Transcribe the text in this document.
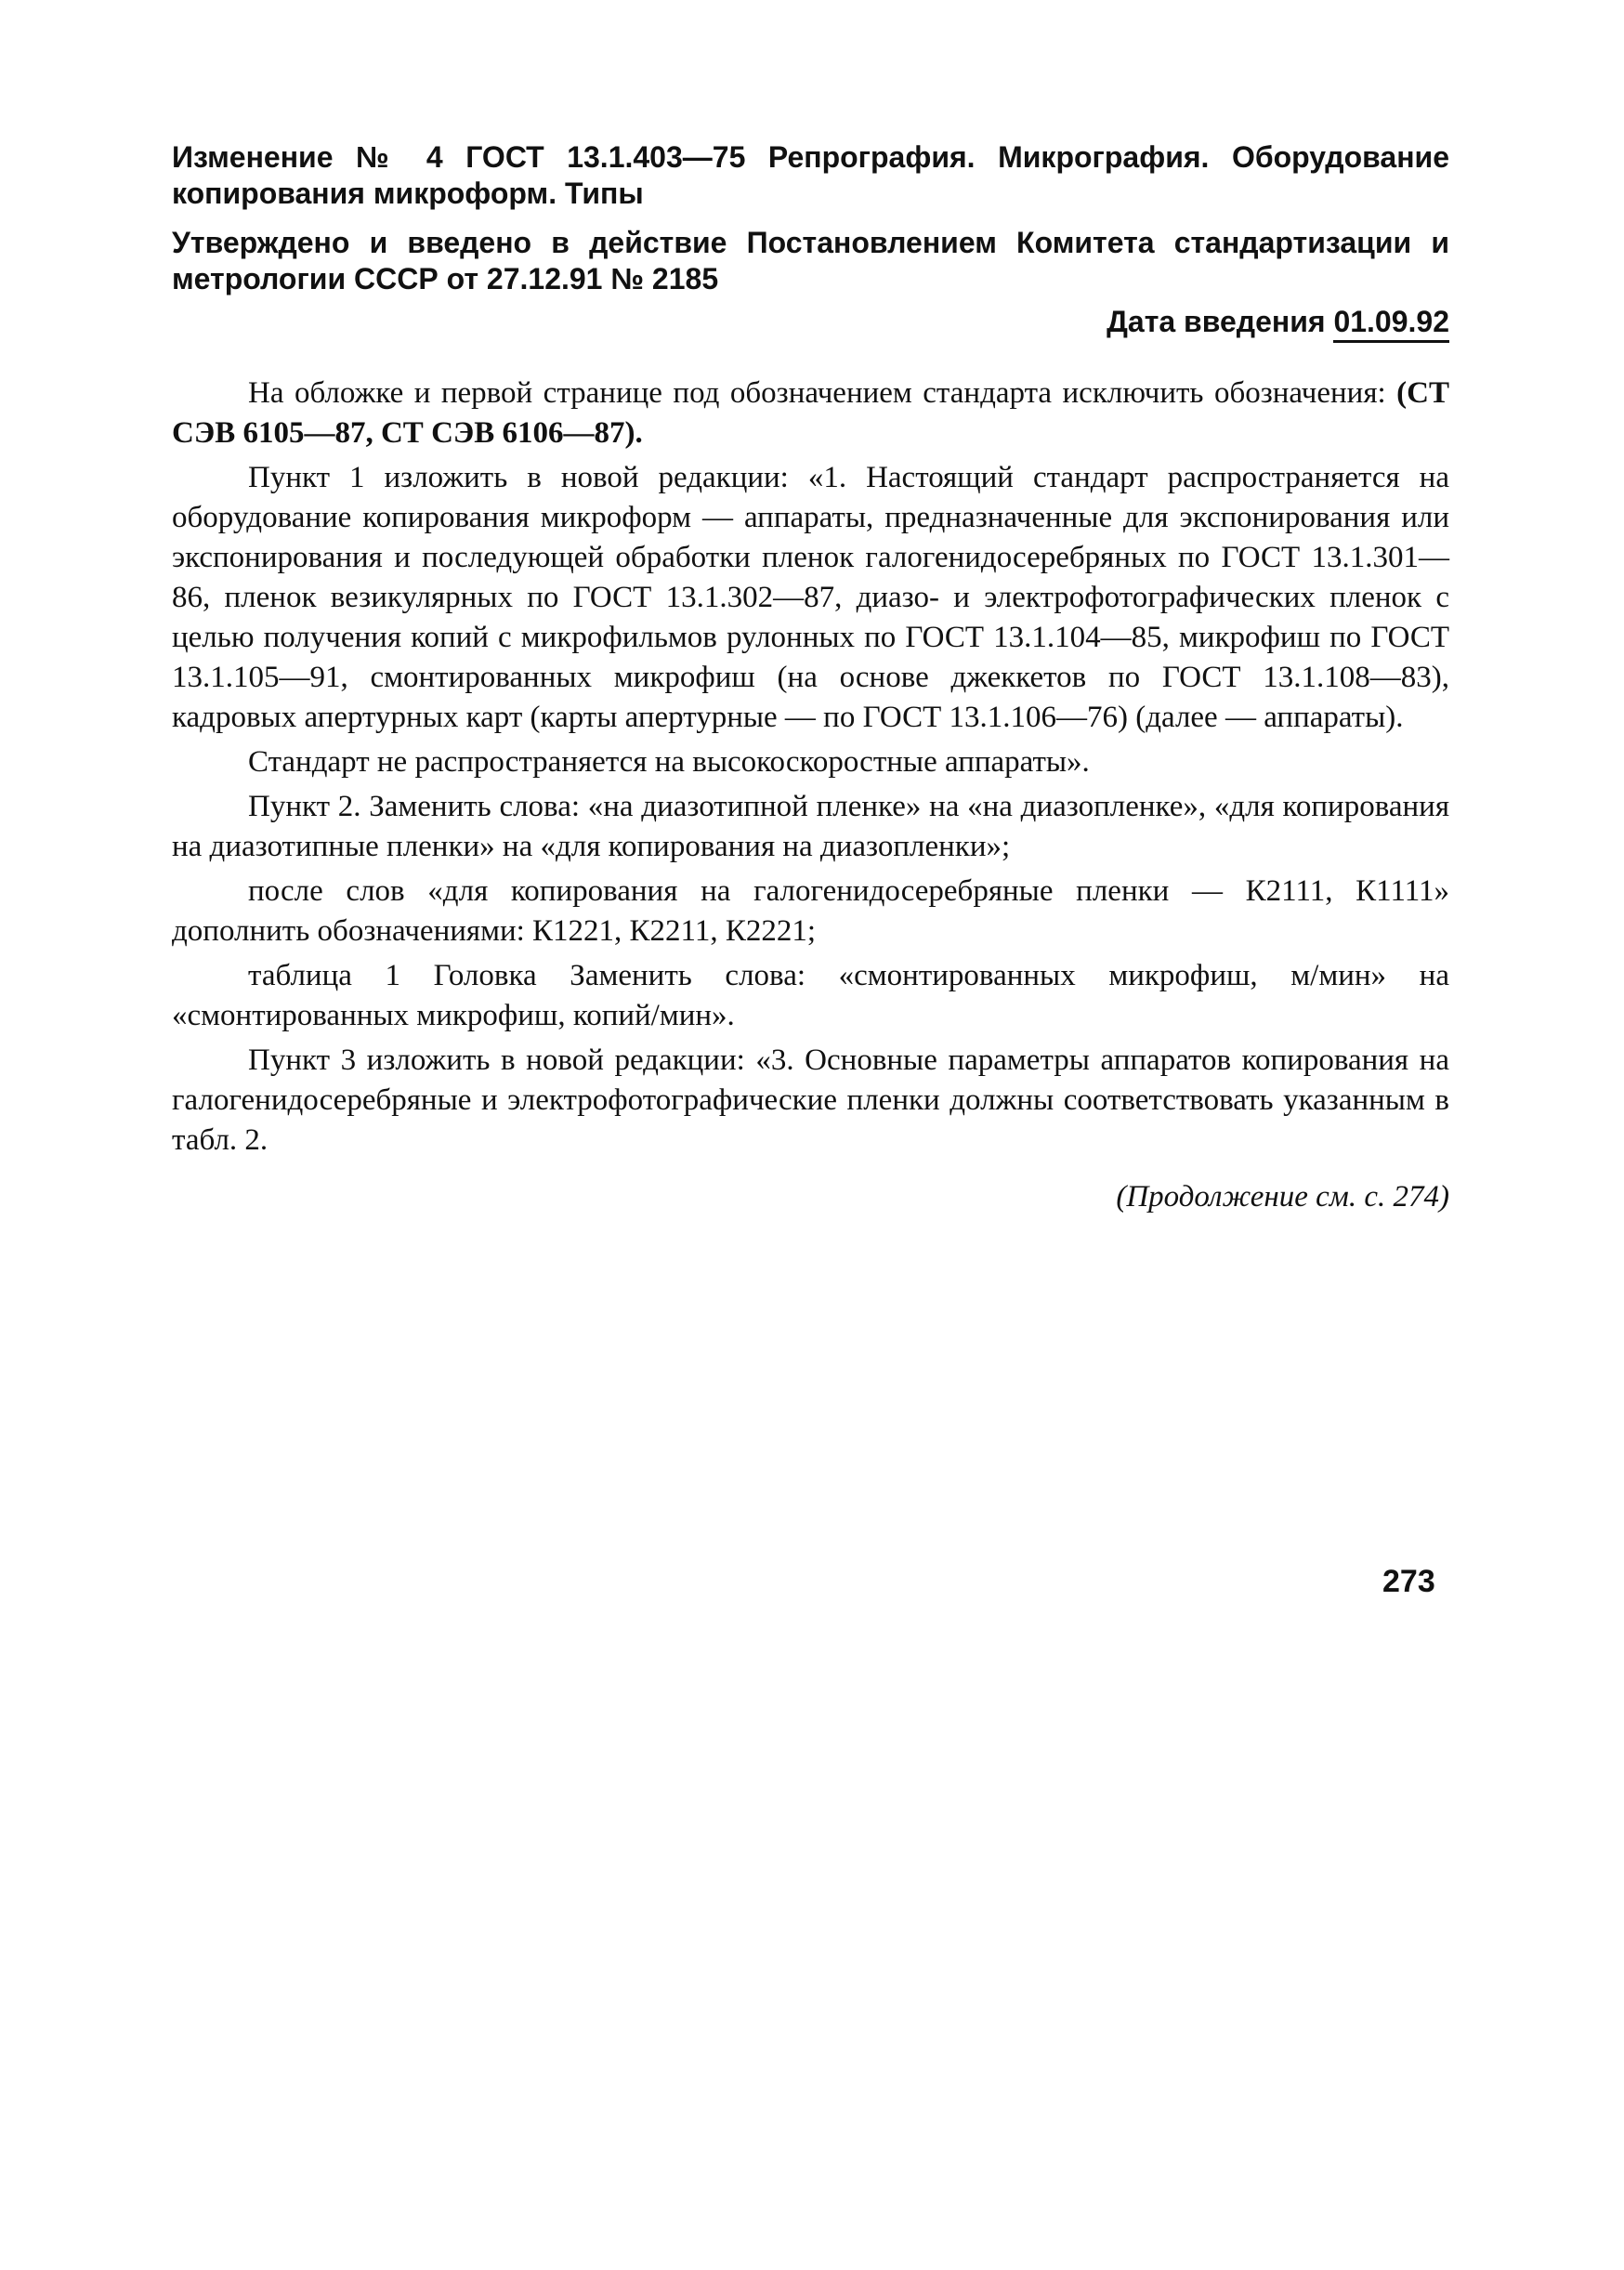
Изменение № 4 ГОСТ 13.1.403—75 Репрография. Микрография. Оборудование копирования микроформ. Типы

Утверждено и введено в действие Постановлением Комитета стандартизации и метрологии СССР от 27.12.91 № 2185

Дата введения 01.09.92

На обложке и первой странице под обозначением стандарта исключить обозначения: (СТ СЭВ 6105—87, СТ СЭВ 6106—87).

Пункт 1 изложить в новой редакции: «1. Настоящий стандарт распространяется на оборудование копирования микроформ — аппараты, предназначенные для экспонирования или экспонирования и последующей обработки пленок галогенидосеребряных по ГОСТ 13.1.301—86, пленок везикулярных по ГОСТ 13.1.302—87, диазо- и электрофотографических пленок с целью получения копий с микрофильмов рулонных по ГОСТ 13.1.104—85, микрофиш по ГОСТ 13.1.105—91, смонтированных микрофиш (на основе джеккетов по ГОСТ 13.1.108—83), кадровых апертурных карт (карты апертурные — по ГОСТ 13.1.106—76) (далее — аппараты).

Стандарт не распространяется на высокоскоростные аппараты».

Пункт 2. Заменить слова: «на диазотипной пленке» на «на диазопленке», «для копирования на диазотипные пленки» на «для копирования на диазопленки»;

после слов «для копирования на галогенидосеребряные пленки — К2111, К1111» дополнить обозначениями: К1221, К2211, К2221;

таблица 1 Головка Заменить слова: «смонтированных микрофиш, м/мин» на «смонтированных микрофиш, копий/мин».

Пункт 3 изложить в новой редакции: «3. Основные параметры аппаратов копирования на галогенидосеребряные и электрофотографические пленки должны соответствовать указанным в табл. 2.

(Продолжение см. с. 274)
273
